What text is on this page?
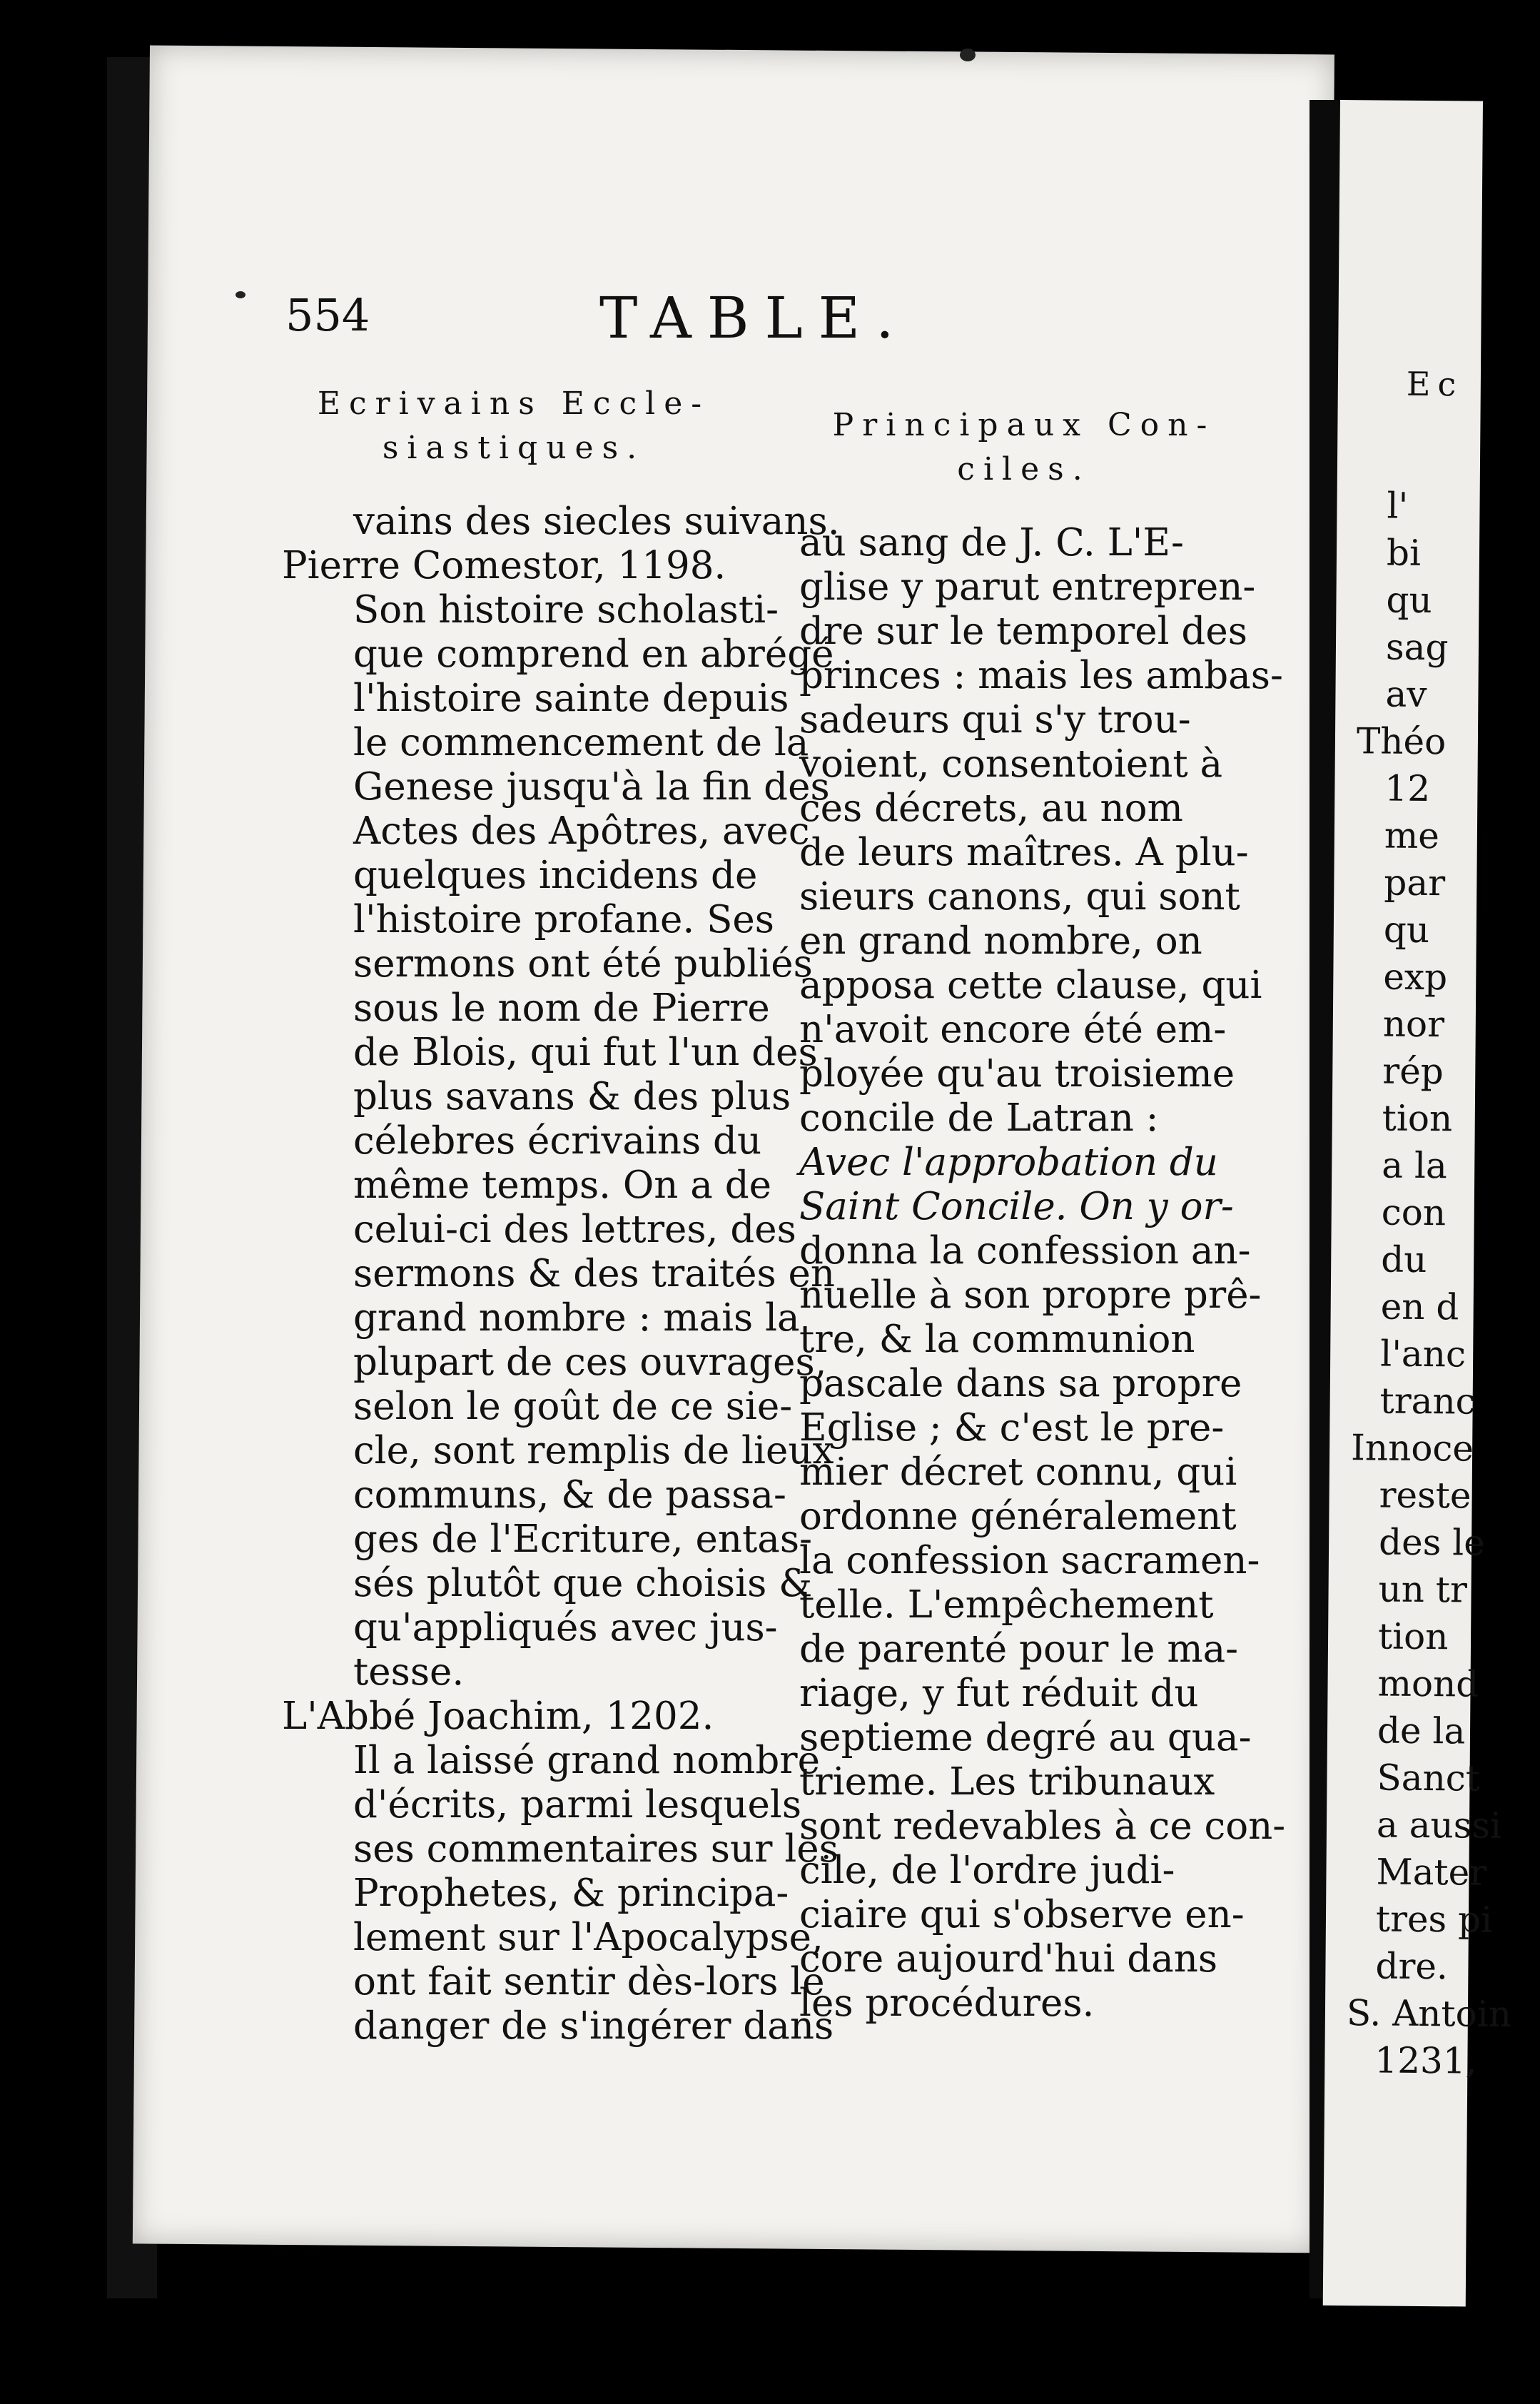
Ec
l'
bi
qu
sag
av
Théo
12
me
par
qu
exp
nor
rép
tion
a la
con
du
en d
l'anc
tranc
Innoce
reste
des le
un tr
tion
mond
de la
Sanct
a aussi
Mater
tres pi
dre.
S. Antoin
1231,
554	TABLE.
Ecrivains Eccle-
siastiques.
Principaux Con-
ciles.
vains des siecles suivans.
Pierre Comestor, 1198.
Son histoire scholasti-
que comprend en abrégé
l'histoire sainte depuis
le commencement de la
Genese jusqu'à la fin des
Actes des Apôtres, avec
quelques incidens de
l'histoire profane. Ses
sermons ont été publiés
sous le nom de Pierre
de Blois, qui fut l'un des
plus savans & des plus
célebres écrivains du
même temps. On a de
celui-ci des lettres, des
sermons & des traités en
grand nombre : mais la
plupart de ces ouvrages,
selon le goût de ce sie-
cle, sont remplis de lieux
communs, & de passa-
ges de l'Ecriture, entas-
sés plutôt que choisis &
qu'appliqués avec jus-
tesse.
L'Abbé Joachim, 1202.
Il a laissé grand nombre
d'écrits, parmi lesquels
ses commentaires sur les
Prophetes, & principa-
lement sur l'Apocalypse,
ont fait sentir dès-lors le
danger de s'ingérer dans
au sang de J. C. L'E-
glise y parut entrepren-
dre sur le temporel des
princes : mais les ambas-
sadeurs qui s'y trou-
voient, consentoient à
ces décrets, au nom
de leurs maîtres. A plu-
sieurs canons, qui sont
en grand nombre, on
apposa cette clause, qui
n'avoit encore été em-
ployée qu'au troisieme
concile de Latran :
Avec l'approbation du
Saint Concile. On y or-
donna la confession an-
nuelle à son propre prê-
tre, & la communion
pascale dans sa propre
Eglise ; & c'est le pre-
mier décret connu, qui
ordonne généralement
la confession sacramen-
telle. L'empêchement
de parenté pour le ma-
riage, y fut réduit du
septieme degré au qua-
trieme. Les tribunaux
sont redevables à ce con-
cile, de l'ordre judi-
ciaire qui s'observe en-
core aujourd'hui dans
les procédures.
